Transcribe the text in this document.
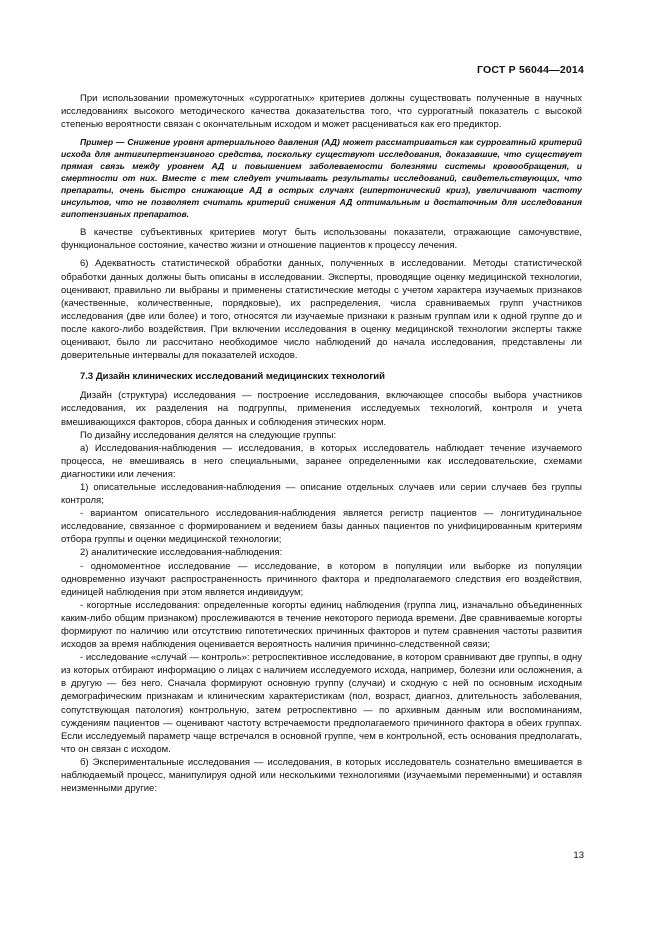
ГОСТ Р 56044—2014

При использовании промежуточных «суррогатных» критериев должны существовать полученные в научных исследованиях высокого методического качества доказательства того, что суррогатный показатель с высокой степенью вероятности связан с окончательным исходом и может расцениваться как его предиктор.

Пример — Снижение уровня артериального давления (АД) может рассматриваться как суррогатный критерий исхода для антигипертензивного средства, поскольку существуют исследования, доказавшие, что существует прямая связь между уровнем АД и повышением заболеваемости болезнями системы кровообращения, и смертности от них. Вместе с тем следует учитывать результаты исследований, свидетельствующих, что препараты, очень быстро снижающие АД в острых случаях (гипертонический криз), увеличивают частоту инсультов, что не позволяет считать критерий снижения АД оптимальным и достаточным для исследования гипотензивных препаратов.

В качестве субъективных критериев могут быть использованы показатели, отражающие самочувствие, функциональное состояние, качество жизни и отношение пациентов к процессу лечения.

6) Адекватность статистической обработки данных, полученных в исследовании. Методы статистической обработки данных должны быть описаны в исследовании. Эксперты, проводящие оценку медицинской технологии, оценивают, правильно ли выбраны и применены статистические методы с учетом характера изучаемых признаков (качественные, количественные, порядковые), их распределения, числа сравниваемых групп участников исследования (две или более) и того, относятся ли изучаемые признаки к разным группам или к одной группе до и после какого-либо воздействия. При включении исследования в оценку медицинской технологии эксперты также оценивают, было ли рассчитано необходимое число наблюдений до начала исследования, представлены ли доверительные интервалы для показателей исходов.

7.3 Дизайн клинических исследований медицинских технологий

Дизайн (структура) исследования — построение исследования, включающее способы выбора участников исследования, их разделения на подгруппы, применения исследуемых технологий, контроля и учета вмешивающихся факторов, сбора данных и соблюдения этических норм.

По дизайну исследования делятся на следующие группы:

а) Исследования-наблюдения — исследования, в которых исследователь наблюдает течение изучаемого процесса, не вмешиваясь в него специальными, заранее определенными как исследовательские, схемами диагностики или лечения:

1) описательные исследования-наблюдения — описание отдельных случаев или серии случаев без группы контроля;

- вариантом описательного исследования-наблюдения является регистр пациентов — лонгитудинальное исследование, связанное с формированием и ведением базы данных пациентов по унифицированным критериям отбора группы и оценки медицинской технологии;

2) аналитические исследования-наблюдения:

- одномоментное исследование — исследование, в котором в популяции или выборке из популяции одновременно изучают распространенность причинного фактора и предполагаемого следствия его воздействия, единицей наблюдения при этом является индивидуум;

- когортные исследования: определенные когорты единиц наблюдения (группа лиц, изначально объединенных каким-либо общим признаком) прослеживаются в течение некоторого периода времени. Две сравниваемые когорты формируют по наличию или отсутствию гипотетических причинных факторов и путем сравнения частоты развития исходов за время наблюдения оценивается вероятность наличия причинно-следственной связи;

- исследование «случай — контроль»: ретроспективное исследование, в котором сравнивают две группы, в одну из которых отбирают информацию о лицах с наличием исследуемого исхода, например, болезни или осложнения, а в другую — без него. Сначала формируют основную группу (случаи) и сходную с ней по основным исходным демографическим признакам и клиническим характеристикам (пол, возраст, диагноз, длительность заболевания, сопутствующая патология) контрольную, затем ретроспективно — по архивным данным или воспоминаниям, суждениям пациентов — оценивают частоту встречаемости предполагаемого причинного фактора в обеих группах. Если исследуемый параметр чаще встречался в основной группе, чем в контрольной, есть основания предполагать, что он связан с исходом.

б) Экспериментальные исследования — исследования, в которых исследователь сознательно вмешивается в наблюдаемый процесс, манипулируя одной или несколькими технологиями (изучаемыми переменными) и оставляя неизменными другие:

13
